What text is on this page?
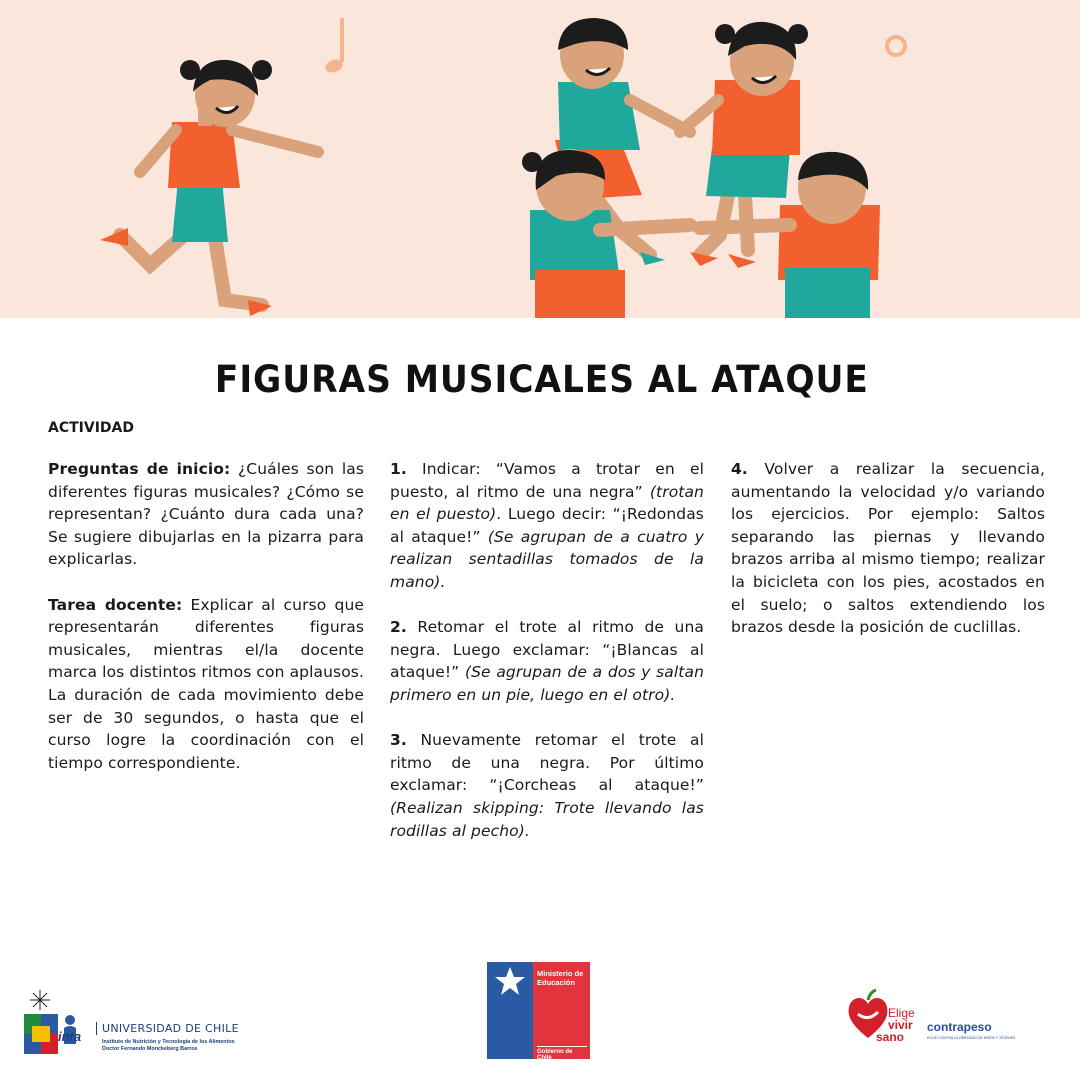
FIGURAS MUSICALES AL ATAQUE
ACTIVIDAD

Preguntas de inicio: ¿Cuáles son las diferentes figuras musicales? ¿Cómo se representan? ¿Cuánto dura cada una? Se sugiere dibujarlas en la pizarra para explicarlas.

Tarea docente: Explicar al curso que representarán diferentes figuras musicales, mientras el/la docente marca los distintos ritmos con aplausos. La duración de cada movimiento debe ser de 30 segundos, o hasta que el curso logre la coordinación con el tiempo correspondiente.

1. Indicar: “Vamos a trotar en el puesto, al ritmo de una negra” (trotan en el puesto). Luego decir: “¡Redondas al ataque!” (Se agrupan de a cuatro y realizan sentadillas tomados de la mano).

2. Retomar el trote al ritmo de una negra. Luego exclamar: “¡Blancas al ataque!” (Se agrupan de a dos y saltan primero en un pie, luego en el otro).

3. Nuevamente retomar el trote al ritmo de una negra. Por último exclamar: “¡Corcheas al ataque!” (Realizan skipping: Trote llevando las rodillas al pecho).

4. Volver a realizar la secuencia, aumentando la velocidad y/o variando los ejercicios. Por ejemplo: Saltos separando las piernas y llevando brazos arriba al mismo tiempo; realizar la bicicleta con los pies, acostados en el suelo; o saltos extendiendo los brazos desde la posición de cuclillas.

UNIVERSIDAD DE CHILE
inta	Instituto de Nutrición y Tecnología de los Alimentos
Doctor Fernando Monckeberg Barros
Ministerio de Educación
Gobierno de Chile
Elige
vivir
sano
contrapeso
ELIGE CONTRA LA OBESIDAD DE NIÑOS Y JÓVENES
